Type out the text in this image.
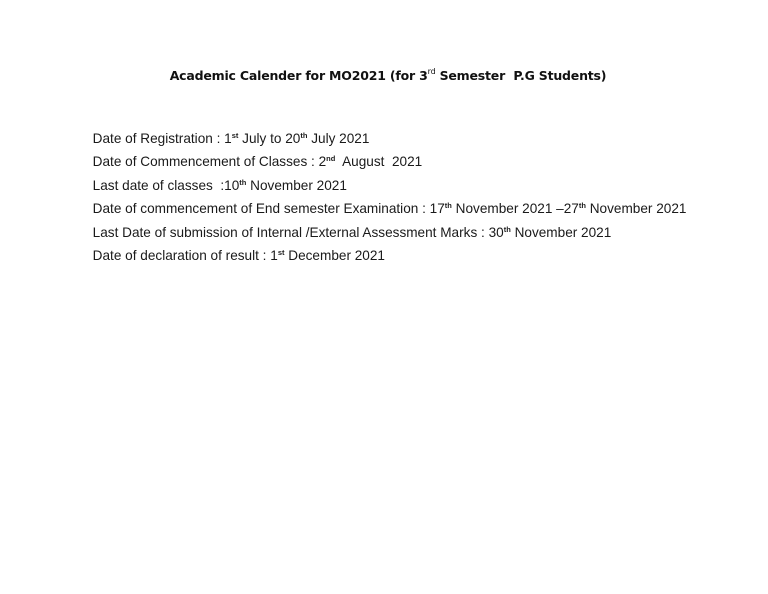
Academic Calender for MO2021 (for 3rd Semester  P.G Students)

Date of Registration : 1st July to 20th July 2021

Date of Commencement of Classes : 2nd  August  2021

Last date of classes  :10th November 2021

Date of commencement of End semester Examination : 17th November 2021 –27th November 2021

Last Date of submission of Internal /External Assessment Marks : 30th November 2021

Date of declaration of result : 1st December 2021
